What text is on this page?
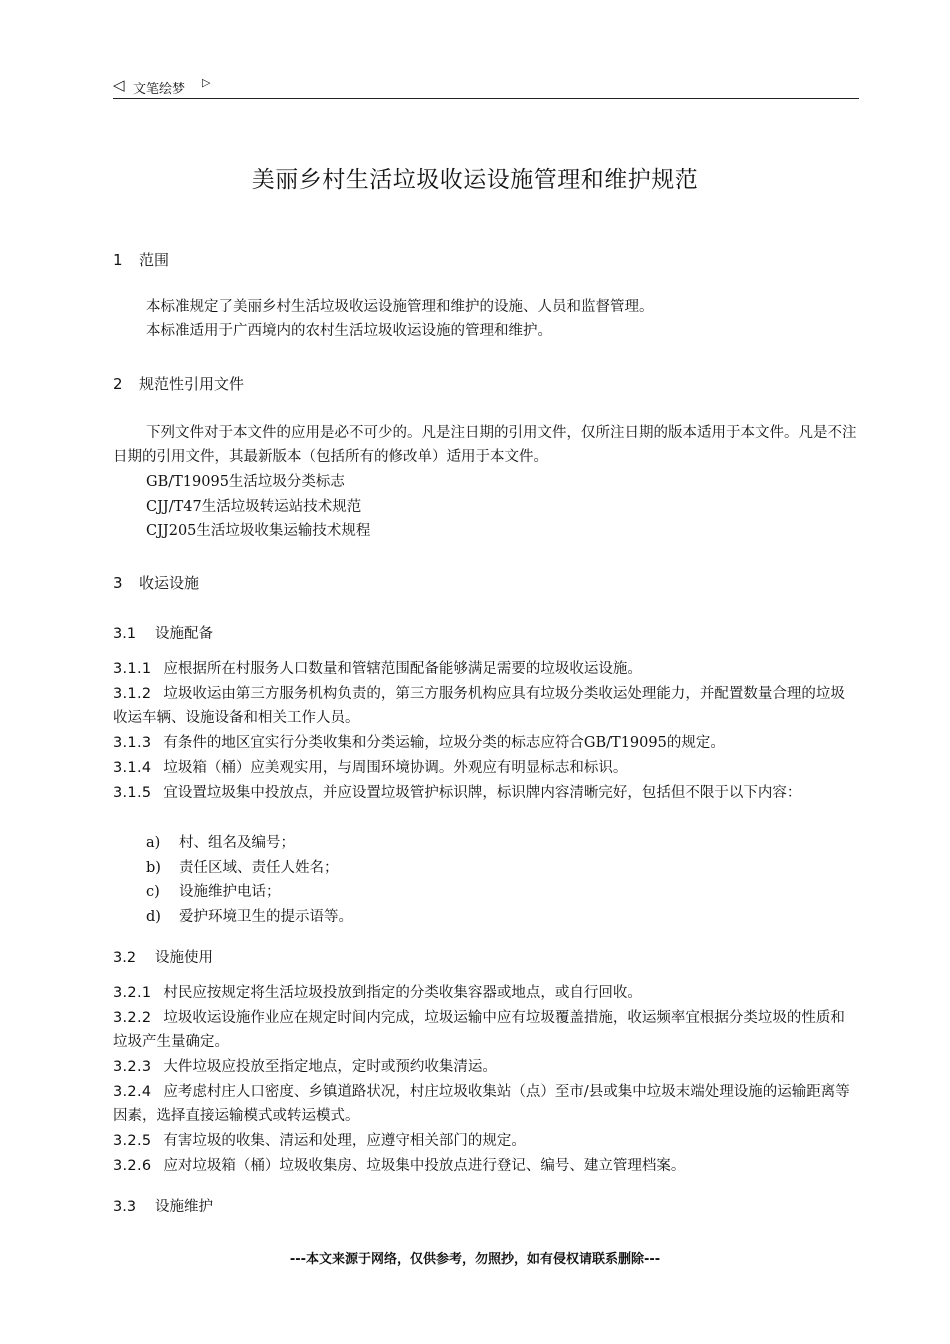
◁ 文笔绘梦 ▷
美丽乡村生活垃圾收运设施管理和维护规范
1 范围
本标准规定了美丽乡村生活垃圾收运设施管理和维护的设施、人员和监督管理。
本标准适用于广西境内的农村生活垃圾收运设施的管理和维护。
2 规范性引用文件
下列文件对于本文件的应用是必不可少的。凡是注日期的引用文件，仅所注日期的版本适用于本文件。凡是不注日期的引用文件，其最新版本（包括所有的修改单）适用于本文件。
GB/T19095生活垃圾分类标志
CJJ/T47生活垃圾转运站技术规范
CJJ205生活垃圾收集运输技术规程
3 收运设施
3.1 设施配备
3.1.1 应根据所在村服务人口数量和管辖范围配备能够满足需要的垃圾收运设施。
3.1.2 垃圾收运由第三方服务机构负责的，第三方服务机构应具有垃圾分类收运处理能力，并配置数量合理的垃圾收运车辆、设施设备和相关工作人员。
3.1.3 有条件的地区宜实行分类收集和分类运输，垃圾分类的标志应符合GB/T19095的规定。
3.1.4 垃圾箱（桶）应美观实用，与周围环境协调。外观应有明显标志和标识。
3.1.5 宜设置垃圾集中投放点，并应设置垃圾管护标识牌，标识牌内容清晰完好，包括但不限于以下内容：
a) 村、组名及编号；
b) 责任区域、责任人姓名；
c) 设施维护电话；
d) 爱护环境卫生的提示语等。
3.2 设施使用
3.2.1 村民应按规定将生活垃圾投放到指定的分类收集容器或地点，或自行回收。
3.2.2 垃圾收运设施作业应在规定时间内完成，垃圾运输中应有垃圾覆盖措施，收运频率宜根据分类垃圾的性质和垃圾产生量确定。
3.2.3 大件垃圾应投放至指定地点，定时或预约收集清运。
3.2.4 应考虑村庄人口密度、乡镇道路状况，村庄垃圾收集站（点）至市/县或集中垃圾末端处理设施的运输距离等因素，选择直接运输模式或转运模式。
3.2.5 有害垃圾的收集、清运和处理，应遵守相关部门的规定。
3.2.6 应对垃圾箱（桶）垃圾收集房、垃圾集中投放点进行登记、编号、建立管理档案。
3.3 设施维护
---本文来源于网络，仅供参考，勿照抄，如有侵权请联系删除---
